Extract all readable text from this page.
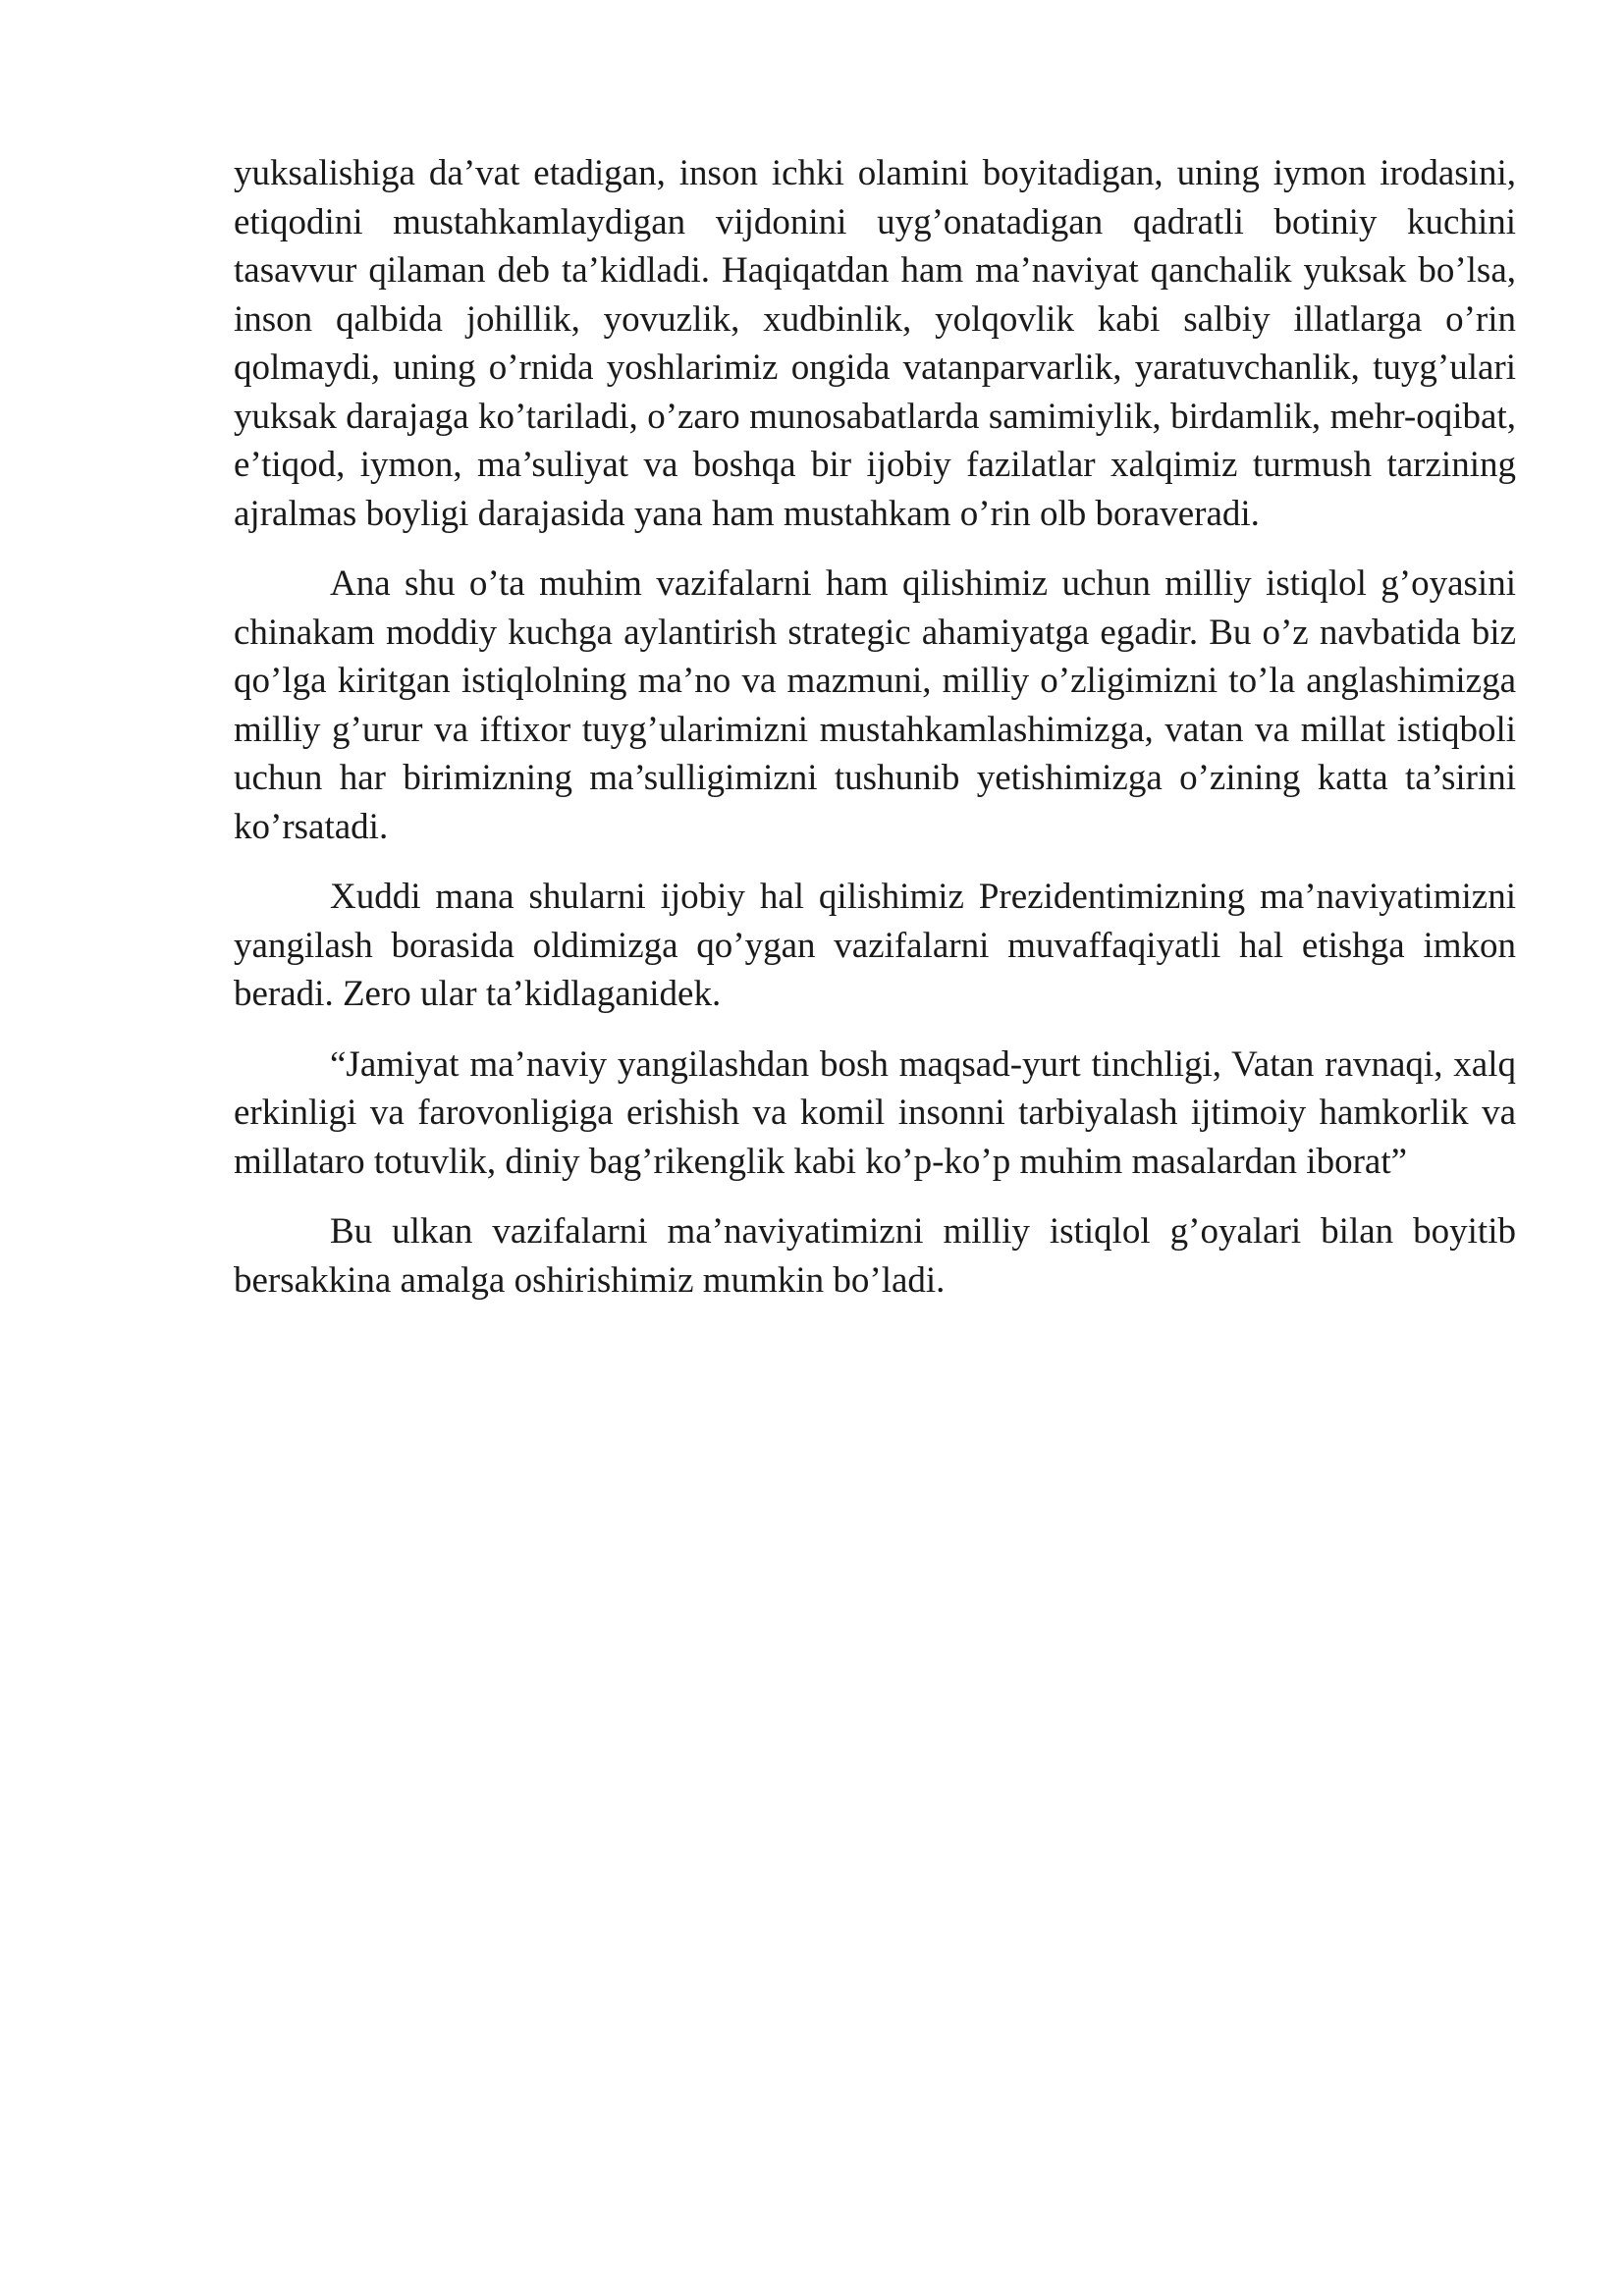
yuksalishiga da’vat etadigan, inson ichki olamini boyitadigan, uning iymon irodasini, etiqodini mustahkamlaydigan vijdonini uyg’onatadigan qadratli botiniy kuchini tasavvur qilaman deb ta’kidladi. Haqiqatdan ham ma’naviyat qanchalik yuksak bo’lsa, inson qalbida johillik, yovuzlik, xudbinlik, yolqovlik kabi salbiy illatlarga o’rin qolmaydi, uning o’rnida yoshlarimiz ongida vatanparvarlik, yaratuvchanlik, tuyg’ulari yuksak darajaga ko’tariladi, o’zaro munosabatlarda samimiylik, birdamlik, mehr-oqibat, e’tiqod, iymon, ma’suliyat va boshqa bir ijobiy fazilatlar xalqimiz turmush tarzining ajralmas boyligi darajasida yana ham mustahkam o’rin olb boraveradi.

Ana shu o’ta muhim vazifalarni ham qilishimiz uchun milliy istiqlol g’oyasini chinakam moddiy kuchga aylantirish strategic ahamiyatga egadir. Bu o’z navbatida biz qo’lga kiritgan istiqlolning ma’no va mazmuni, milliy o’zligimizni to’la anglashimizga milliy g’urur va iftixor tuyg’ularimizni mustahkamlashimizga, vatan va millat istiqboli uchun har birimizning ma’sulligimizni tushunib yetishimizga o’zining katta ta’sirini ko’rsatadi.

Xuddi mana shularni ijobiy hal qilishimiz Prezidentimizning ma’naviyatimizni yangilash borasida oldimizga qo’ygan vazifalarni muvaffaqiyatli hal etishga imkon beradi. Zero ular ta’kidlaganidek.

“Jamiyat ma’naviy yangilashdan bosh maqsad-yurt tinchligi, Vatan ravnaqi, xalq erkinligi va farovonligiga erishish va komil insonni tarbiyalash ijtimoiy hamkorlik va millataro totuvlik, diniy bag’rikenglik kabi ko’p-ko’p muhim masalardan iborat”

Bu ulkan vazifalarni ma’naviyatimizni milliy istiqlol g’oyalari bilan boyitib bersakkina amalga oshirishimiz mumkin bo’ladi.
